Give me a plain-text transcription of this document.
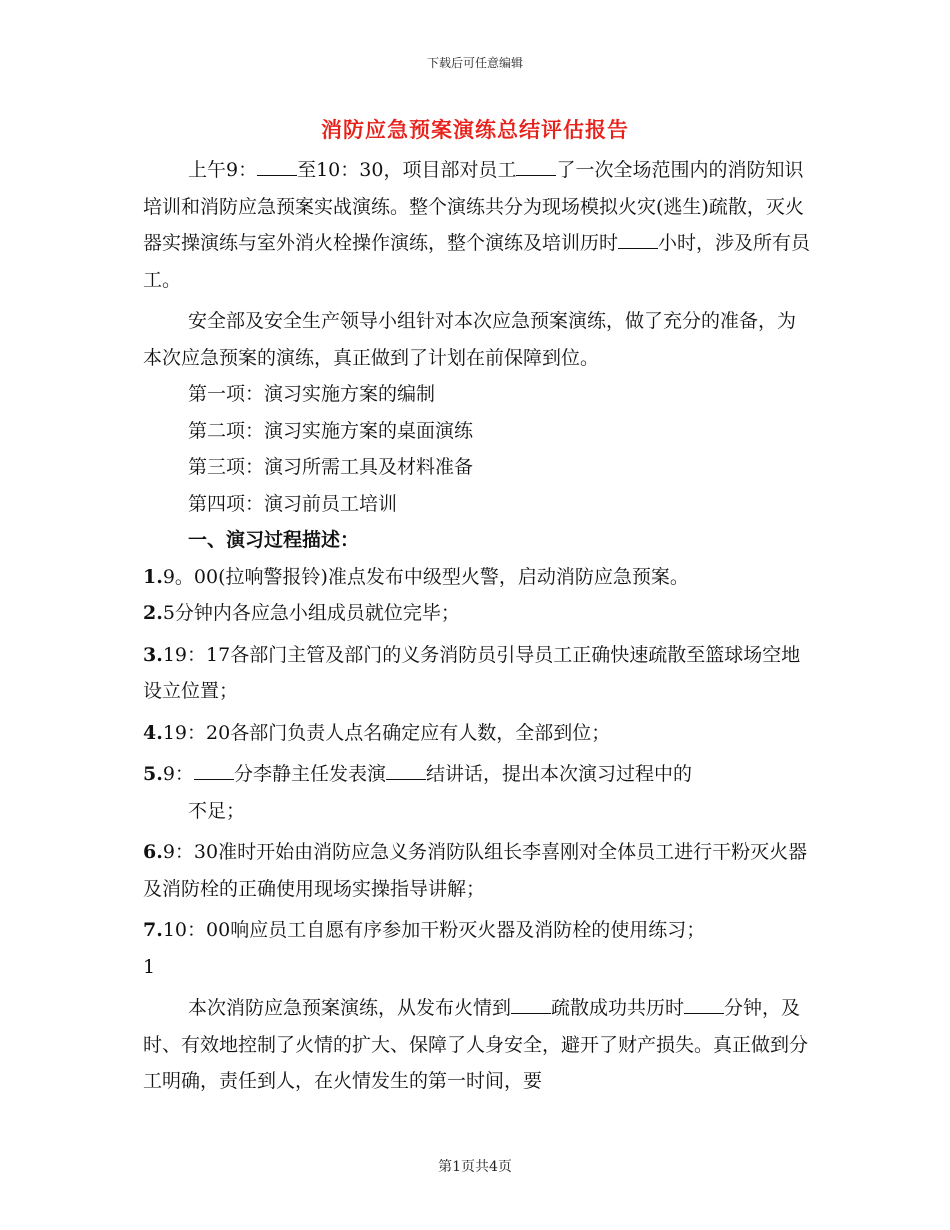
下载后可任意编辑
消防应急预案演练总结评估报告

上午9： 至10：30，项目部对员工 了一次全场范围内的消防知识培训和消防应急预案实战演练。整个演练共分为现场模拟火灾(逃生)疏散，灭火器实操演练与室外消火栓操作演练，整个演练及培训历时 小时，涉及所有员工。

安全部及安全生产领导小组针对本次应急预案演练，做了充分的准备，为本次应急预案的演练，真正做到了计划在前保障到位。

第一项：演习实施方案的编制

第二项：演习实施方案的桌面演练

第三项：演习所需工具及材料准备

第四项：演习前员工培训

一、演习过程描述：

1.9。00(拉响警报铃)准点发布中级型火警，启动消防应急预案。

2.5分钟内各应急小组成员就位完毕；

3.19：17各部门主管及部门的义务消防员引导员工正确快速疏散至篮球场空地设立位置；

4.19：20各部门负责人点名确定应有人数，全部到位；

5.9： 分李静主任发表演 结讲话，提出本次演习过程中的

不足；

6.9：30准时开始由消防应急义务消防队组长李喜刚对全体员工进行干粉灭火器及消防栓的正确使用现场实操指导讲解；

7.10：00响应员工自愿有序参加干粉灭火器及消防栓的使用练习；

1

本次消防应急预案演练，从发布火情到 疏散成功共历时 分钟，及时、有效地控制了火情的扩大、保障了人身安全，避开了财产损失。真正做到分工明确，责任到人，在火情发生的第一时间，要

第1页共4页
